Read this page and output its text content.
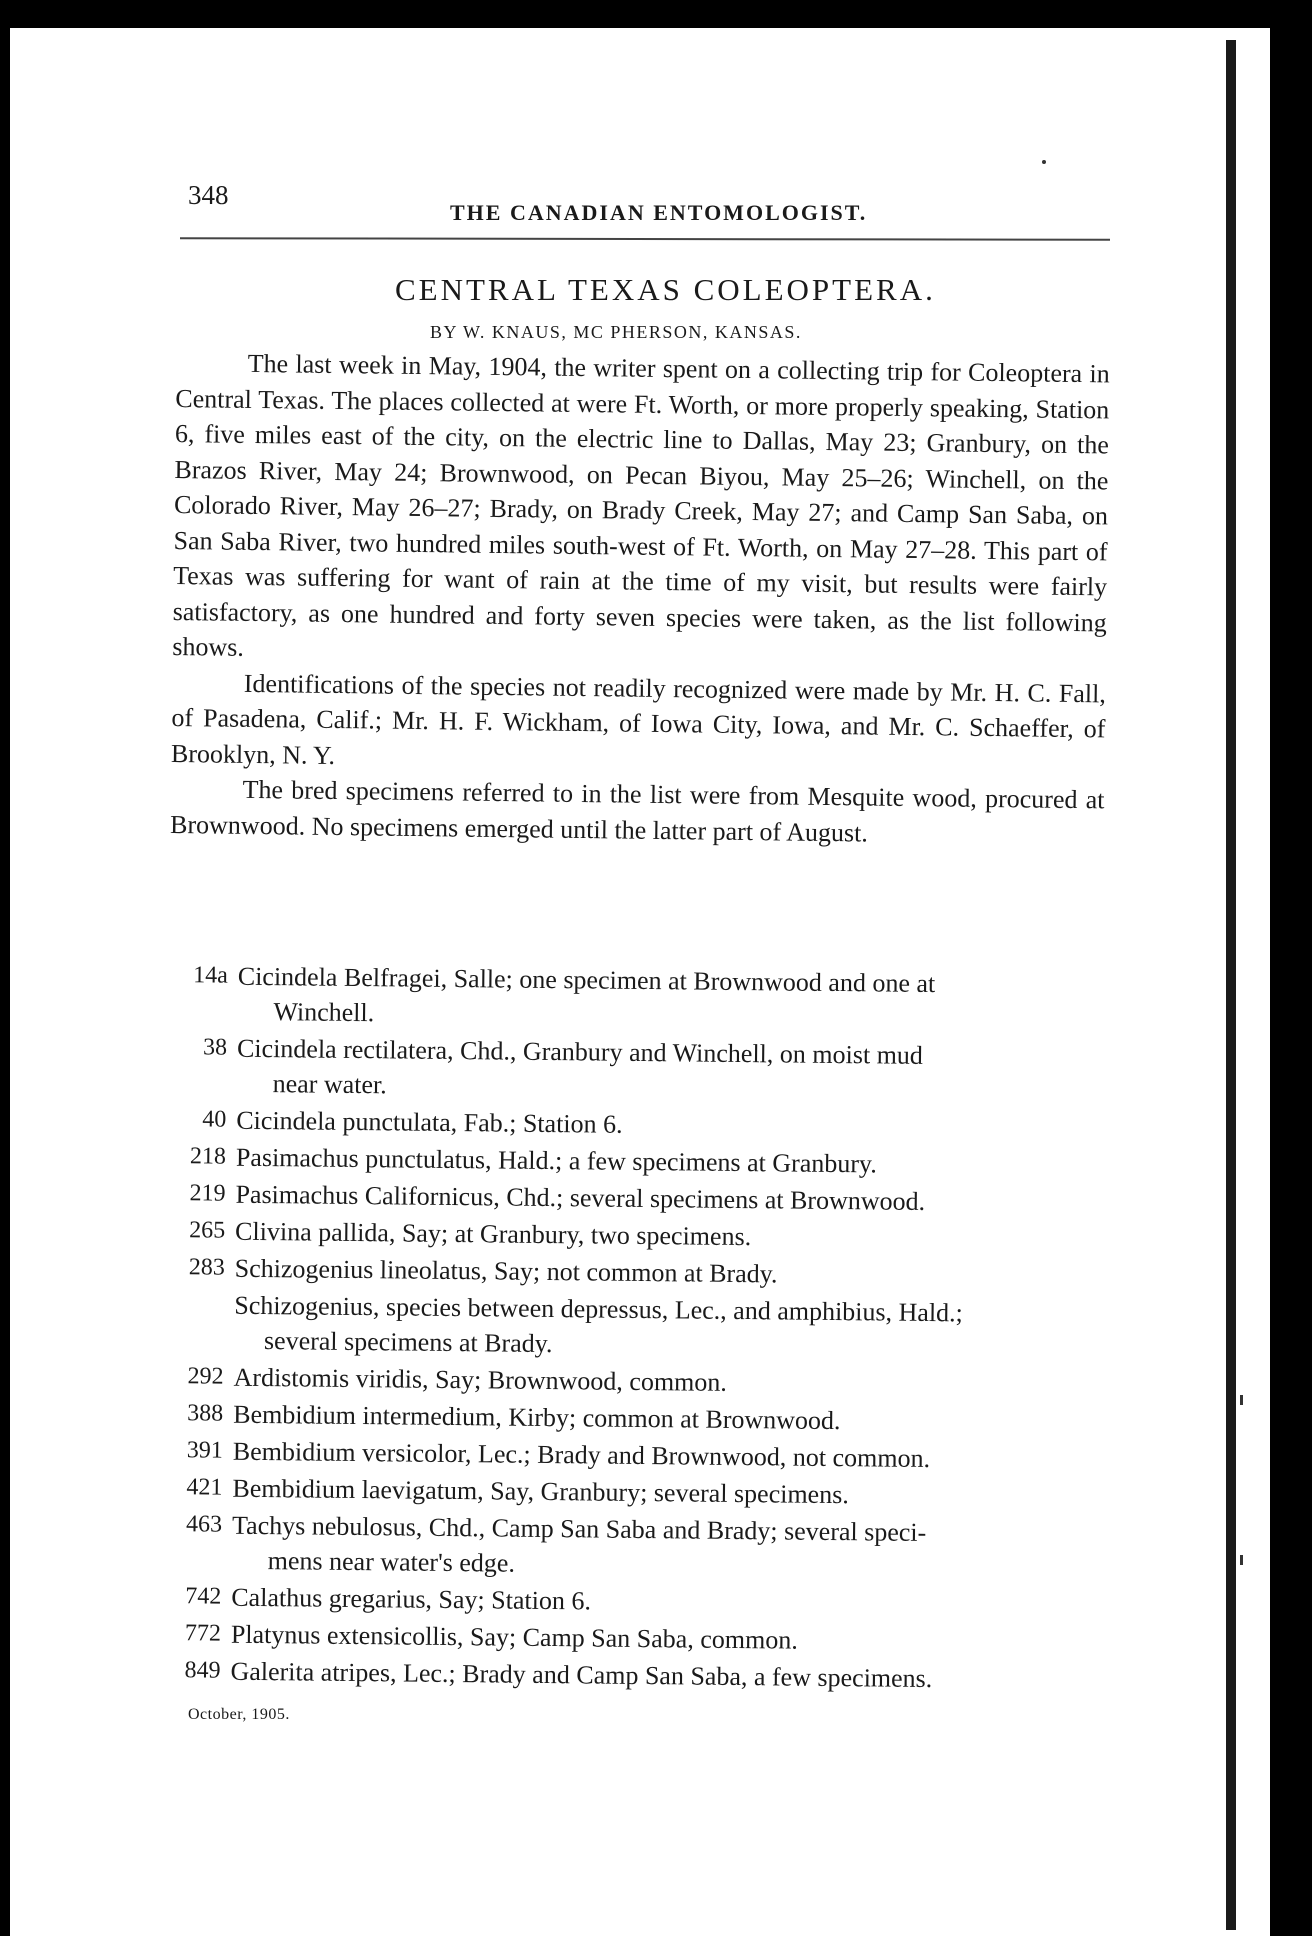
348
THE CANADIAN ENTOMOLOGIST.
CENTRAL TEXAS COLEOPTERA.
BY W. KNAUS, MC PHERSON, KANSAS.

The last week in May, 1904, the writer spent on a collecting trip for Coleoptera in Central Texas. The places collected at were Ft. Worth, or more properly speaking, Station 6, five miles east of the city, on the electric line to Dallas, May 23; Granbury, on the Brazos River, May 24; Brownwood, on Pecan Biyou, May 25–26; Winchell, on the Colorado River, May 26–27; Brady, on Brady Creek, May 27; and Camp San Saba, on San Saba River, two hundred miles south-west of Ft. Worth, on May 27–28. This part of Texas was suffering for want of rain at the time of my visit, but results were fairly satisfactory, as one hundred and forty seven species were taken, as the list following shows.

Identifications of the species not readily recognized were made by Mr. H. C. Fall, of Pasadena, Calif.; Mr. H. F. Wickham, of Iowa City, Iowa, and Mr. C. Schaeffer, of Brooklyn, N. Y.

The bred specimens referred to in the list were from Mesquite wood, procured at Brownwood. No specimens emerged until the latter part of August.

14a Cicindela Belfragei, Salle; one specimen at Brownwood and one at
Winchell.
38 Cicindela rectilatera, Chd., Granbury and Winchell, on moist mud
near water.
40 Cicindela punctulata, Fab.; Station 6.
218 Pasimachus punctulatus, Hald.; a few specimens at Granbury.
219 Pasimachus Californicus, Chd.; several specimens at Brownwood.
265 Clivina pallida, Say; at Granbury, two specimens.
283 Schizogenius lineolatus, Say; not common at Brady.
Schizogenius, species between depressus, Lec., and amphibius, Hald.;
several specimens at Brady.
292 Ardistomis viridis, Say; Brownwood, common.
388 Bembidium intermedium, Kirby; common at Brownwood.
391 Bembidium versicolor, Lec.; Brady and Brownwood, not common.
421 Bembidium laevigatum, Say, Granbury; several specimens.
463 Tachys nebulosus, Chd., Camp San Saba and Brady; several speci-
mens near water's edge.
742 Calathus gregarius, Say; Station 6.
772 Platynus extensicollis, Say; Camp San Saba, common.
849 Galerita atripes, Lec.; Brady and Camp San Saba, a few specimens.
October, 1905.
